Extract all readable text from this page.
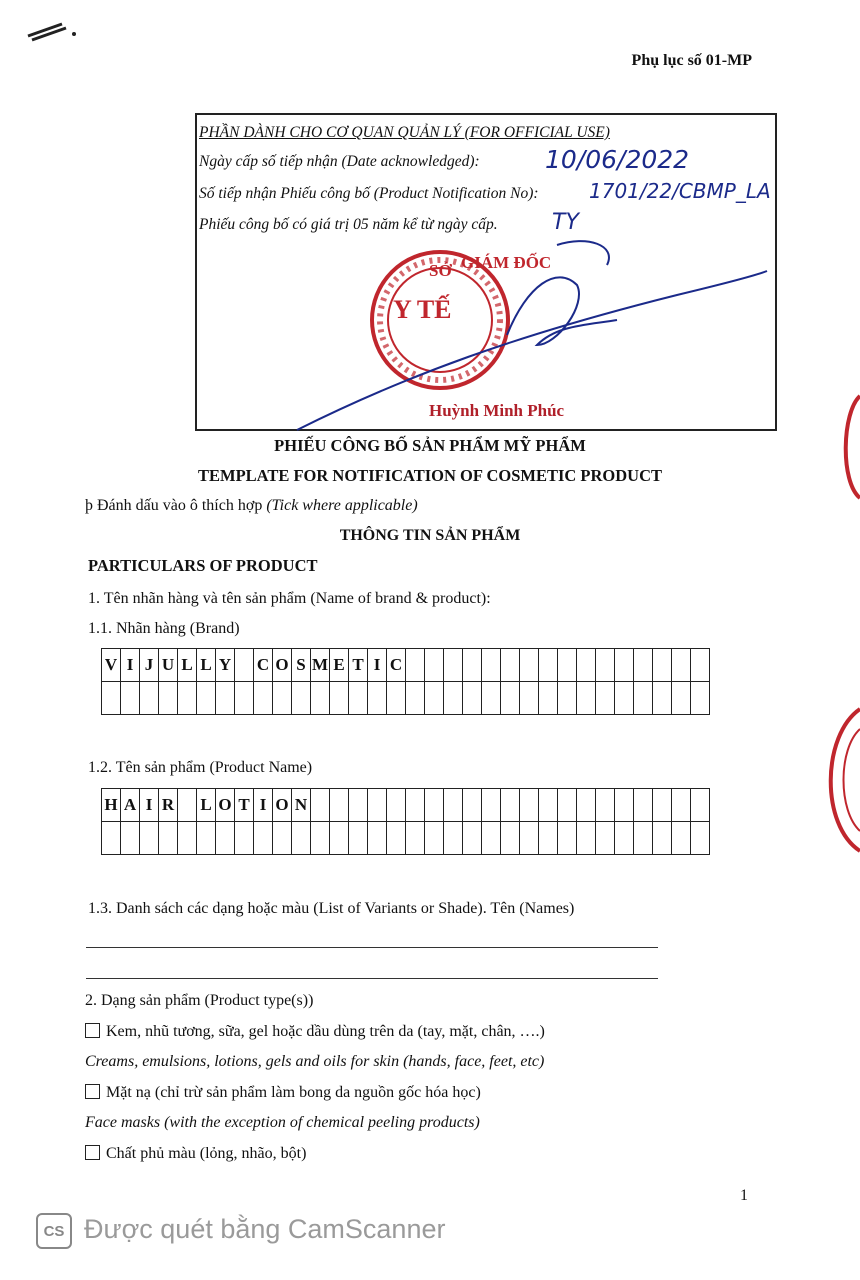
Phụ lục số 01-MP
PHẦN DÀNH CHO CƠ QUAN QUẢN LÝ (FOR OFFICIAL USE)
Ngày cấp số tiếp nhận (Date acknowledged):	10/06/2022
Số tiếp nhận Phiếu công bố (Product Notification No):	1701/22/CBMP_LA
Phiếu công bố có giá trị 05 năm kể từ ngày cấp. TY
SỞ
Y TẾ
GIÁM ĐỐC
Huỳnh Minh Phúc
PHIẾU CÔNG BỐ SẢN PHẨM MỸ PHẨM
TEMPLATE FOR NOTIFICATION OF COSMETIC PRODUCT
þ Đánh dấu vào ô thích hợp (Tick where applicable)
THÔNG TIN SẢN PHẨM
PARTICULARS OF PRODUCT
1. Tên nhãn hàng và tên sản phẩm (Name of brand & product):
1.1. Nhãn hàng (Brand)
V	I	J	U	L	L	Y		C	O	S	M	E	T	I	C																

1.2. Tên sản phẩm (Product Name)
H	A	I	R		L	O	T	I	O	N																					

1.3. Danh sách các dạng hoặc màu (List of Variants or Shade). Tên (Names)
2. Dạng sản phẩm (Product type(s))
Kem, nhũ tương, sữa, gel hoặc dầu dùng trên da (tay, mặt, chân, ….)
Creams, emulsions, lotions, gels and oils for skin (hands, face, feet, etc)
Mặt nạ (chỉ trừ sản phẩm làm bong da nguồn gốc hóa học)
Face masks (with the exception of chemical peeling products)
Chất phủ màu (lỏng, nhão, bột)
1
CS Được quét bằng CamScanner
